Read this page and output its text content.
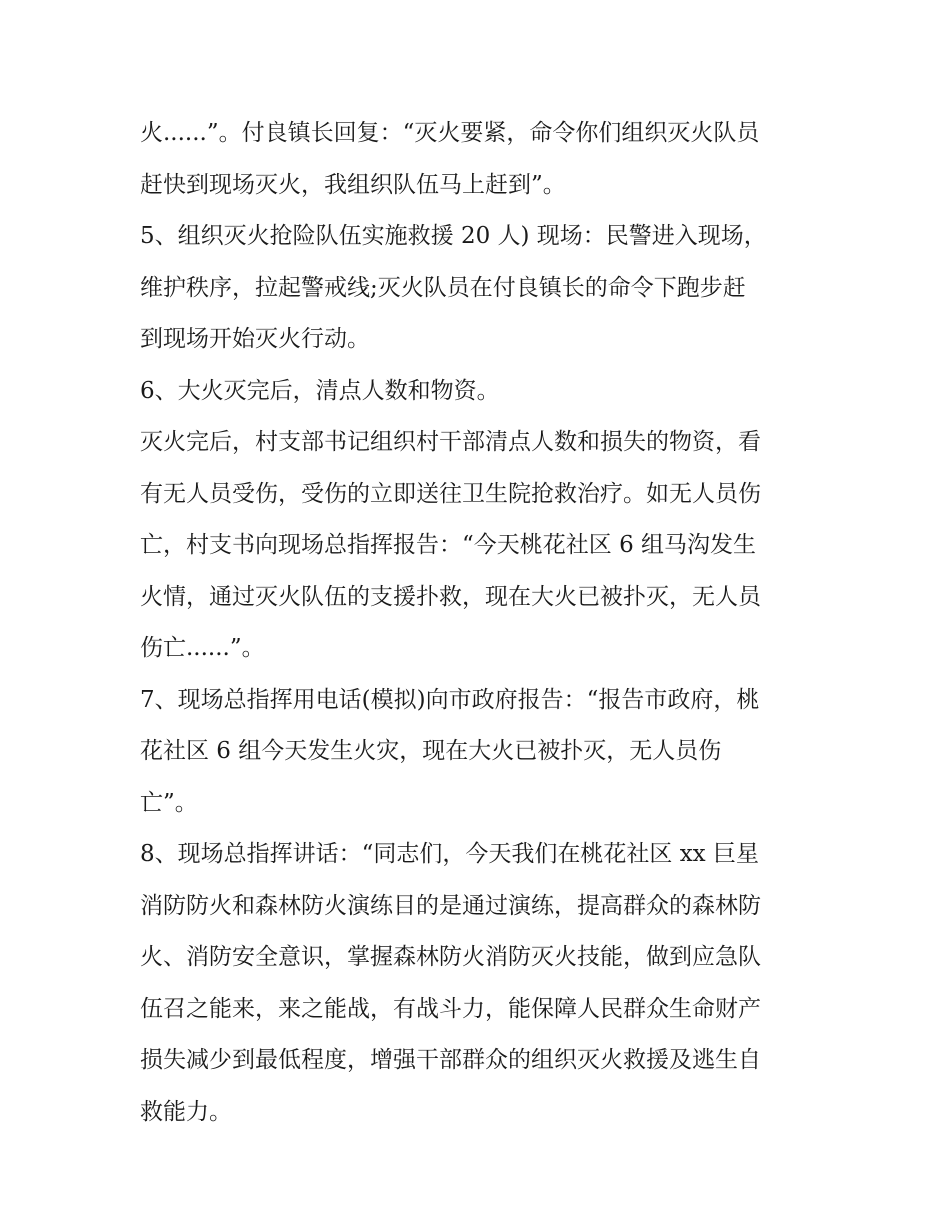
火......”。付良镇长回复：“灭火要紧，命令你们组织灭火队员
赶快到现场灭火，我组织队伍马上赶到”。
5、组织灭火抢险队伍实施救援 20 人) 现场：民警进入现场，
维护秩序，拉起警戒线;灭火队员在付良镇长的命令下跑步赶
到现场开始灭火行动。
6、大火灭完后，清点人数和物资。
灭火完后，村支部书记组织村干部清点人数和损失的物资，看
有无人员受伤，受伤的立即送往卫生院抢救治疗。如无人员伤
亡，村支书向现场总指挥报告：“今天桃花社区 6 组马沟发生
火情，通过灭火队伍的支援扑救，现在大火已被扑灭，无人员
伤亡......”。
7、现场总指挥用电话(模拟)向市政府报告：“报告市政府，桃
花社区 6 组今天发生火灾，现在大火已被扑灭，无人员伤
亡”。
8、现场总指挥讲话：“同志们，今天我们在桃花社区 xx 巨星
消防防火和森林防火演练目的是通过演练，提高群众的森林防
火、消防安全意识，掌握森林防火消防灭火技能，做到应急队
伍召之能来，来之能战，有战斗力，能保障人民群众生命财产
损失减少到最低程度，增强干部群众的组织灭火救援及逃生自
救能力。
